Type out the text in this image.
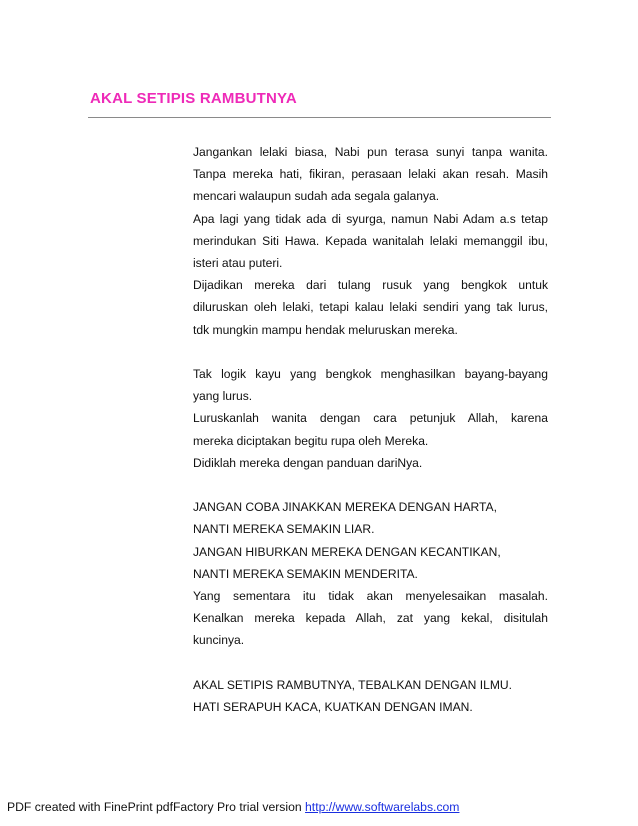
AKAL SETIPIS RAMBUTNYA
Jangankan lelaki biasa, Nabi pun terasa sunyi tanpa wanita.
Tanpa mereka hati, fikiran, perasaan lelaki akan resah. Masih
mencari walaupun sudah ada segala galanya.
Apa lagi yang tidak ada di syurga, namun Nabi Adam a.s tetap
merindukan Siti Hawa. Kepada wanitalah lelaki memanggil ibu,
isteri atau puteri.
Dijadikan mereka dari tulang rusuk yang bengkok untuk
diluruskan oleh lelaki, tetapi kalau lelaki sendiri yang tak lurus,
tdk mungkin mampu hendak meluruskan mereka.
Tak logik kayu yang bengkok menghasilkan bayang-bayang
yang lurus.
Luruskanlah wanita dengan cara petunjuk Allah, karena
mereka diciptakan begitu rupa oleh Mereka.
Didiklah mereka dengan panduan dariNya.
JANGAN COBA JINAKKAN MEREKA DENGAN HARTA,
NANTI MEREKA SEMAKIN LIAR.
JANGAN HIBURKAN MEREKA DENGAN KECANTIKAN,
NANTI MEREKA SEMAKIN MENDERITA.
Yang sementara itu tidak akan menyelesaikan masalah.
Kenalkan mereka kepada Allah, zat yang kekal, disitulah
kuncinya.
AKAL SETIPIS RAMBUTNYA, TEBALKAN DENGAN ILMU.
HATI SERAPUH KACA, KUATKAN DENGAN IMAN.
PDF created with FinePrint pdfFactory Pro trial version http://www.softwarelabs.com
